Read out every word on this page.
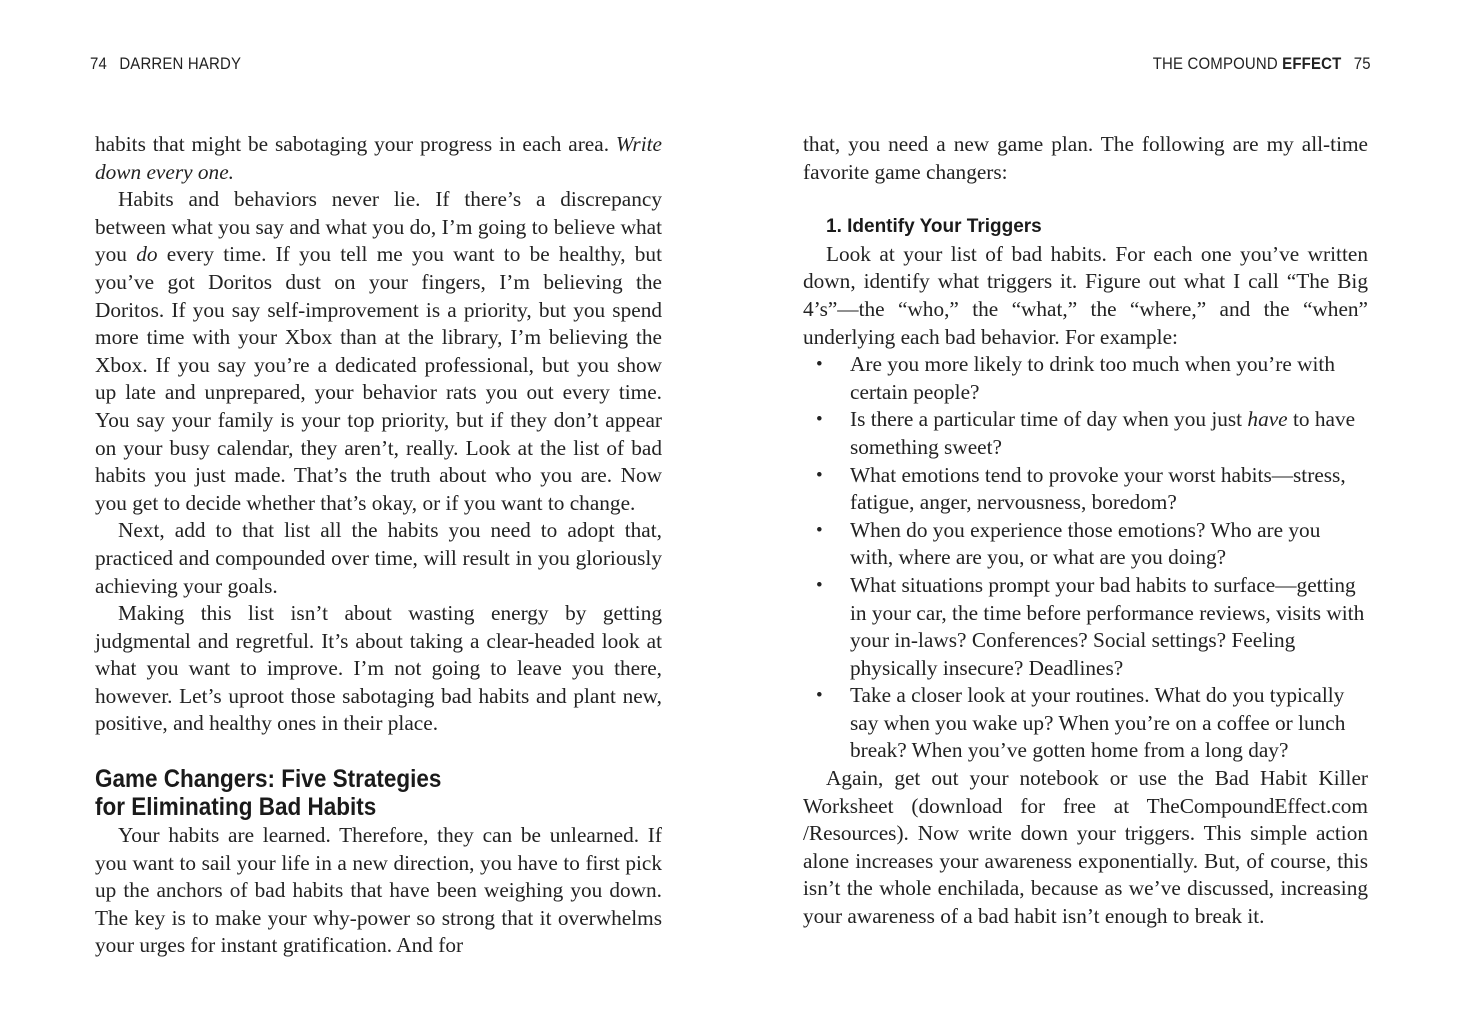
74 DARREN HARDY

habits that might be sabotaging your progress in each area. Write down every one.

Habits and behaviors never lie. If there’s a discrepancy between what you say and what you do, I’m going to believe what you do every time. If you tell me you want to be healthy, but you’ve got Doritos dust on your fingers, I’m believing the Doritos. If you say self-improvement is a priority, but you spend more time with your Xbox than at the library, I’m believing the Xbox. If you say you’re a dedicated professional, but you show up late and unprepared, your behavior rats you out every time. You say your family is your top priority, but if they don’t appear on your busy calendar, they aren’t, really. Look at the list of bad habits you just made. That’s the truth about who you are. Now you get to decide whether that’s okay, or if you want to change.

Next, add to that list all the habits you need to adopt that, practiced and compounded over time, will result in you gloriously achieving your goals.

Making this list isn’t about wasting energy by getting judgmental and regretful. It’s about taking a clear-headed look at what you want to improve. I’m not going to leave you there, however. Let’s uproot those sabotaging bad habits and plant new, positive, and healthy ones in their place.

Game Changers: Five Strategies
for Eliminating Bad Habits

Your habits are learned. Therefore, they can be unlearned. If you want to sail your life in a new direction, you have to first pick up the anchors of bad habits that have been weighing you down. The key is to make your why-power so strong that it overwhelms your urges for instant gratification. And for

THE COMPOUND EFFECT 75

that, you need a new game plan. The following are my all-time favorite game changers:

1. Identify Your Triggers

Look at your list of bad habits. For each one you’ve written down, identify what triggers it. Figure out what I call “The Big 4’s”—the “who,” the “what,” the “where,” and the “when” underlying each bad behavior. For example:

• Are you more likely to drink too much when you’re with certain people?
• Is there a particular time of day when you just have to have something sweet?
• What emotions tend to provoke your worst habits—stress, fatigue, anger, nervousness, boredom?
• When do you experience those emotions? Who are you with, where are you, or what are you doing?
• What situations prompt your bad habits to surface—getting in your car, the time before performance reviews, visits with your in-laws? Conferences? Social settings? Feeling physically insecure? Deadlines?
• Take a closer look at your routines. What do you typically say when you wake up? When you’re on a coffee or lunch break? When you’ve gotten home from a long day?

Again, get out your notebook or use the Bad Habit Killer Worksheet (download for free at TheCompoundEffect.com /Resources). Now write down your triggers. This simple action alone increases your awareness exponentially. But, of course, this isn’t the whole enchilada, because as we’ve discussed, increasing your awareness of a bad habit isn’t enough to break it.
